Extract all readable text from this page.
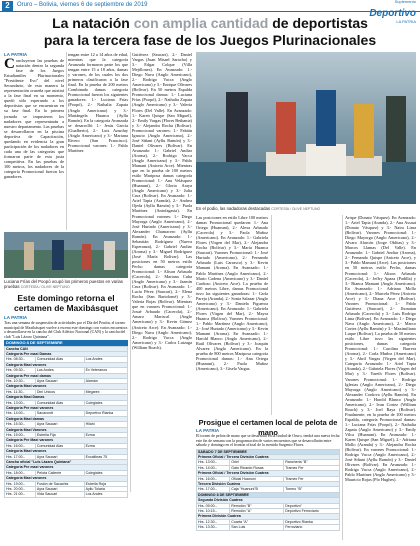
2	Oruro – Bolivia, viernes 6 de septiembre de 2019
Suplemento
Deportivo
LA PATRIA
La natación con amplia cantidad de deportistas
para la tercera fase de los Juegos Plurinacionales
LA PATRIA
C oncluyeron las pruebas de natación dentro la segunda fase de los Juegos Estudiantiles Plurinacionales "Presidente Evo" del nivel Secundario, de esta manera la representación orureña que asistirá a la fase final en su momento, quedó sólo esperando a los deportistas que se encuentran en su fase final. En la primera jornada se impusieron los nadadores que representarán a nuestro departamento. Las pruebas se desarrollaron en la piscina deportiva de Capacitación, quedando en evidencia la gran participación de los nadadores en cada una de las categorías que formaron parte de esta justa competitiva. En las pruebas de 100 metros, los nadadores de la categoría Promocional fueron los ganadores.
tengan entre 12 a 14 años de edad, mientras que la categoría Avanzada formaron parte los que tengan entre 15 a 18 años, damas y varones, de los cuales los dos primeros clasificaron a la fase final. En la prueba de 200 metros Combinado damas categoría Promocional fueron los siguientes ganadores: 1.- Luciana Frías (Poopó), 2.- Nathalia Zapata (Anglo Americano) y 3.- Mariángela Huanca (Ayllu Ramón). En la categoría Avanzada se desarrolló: 1.- Jesús García (Gualberto), 2.- Luis Azurduy (Anglo Americano) y 3.- Mariana Rivero (San Francisco). Promocional varones: 1.- Pablo Martínez
Gutiérrez (Saucari), 2.- Daniel Vargas (Juan Misael Saracho) y 3.- Edgar Colque (Villa Mejillones). En Avanzado: 1.- Diego Nava (Anglo Americano), 2.- Rodrigo Vacca (Anglo Americano) y 3.- Enrique Olivares (Bolívar). En 50 metros Espalda Promocional damas: 1.- Luciana Frías (Poopó), 2.- Nathalia Zapata (Anglo Americano) y 3.- Valeria Flores (Del Valle). En Avanzado: 1.- Karen Quispe (San Miguel), 2.- Emily Vargas (Flores Bethania) y 3.- Alejandra Rocha (Bolívar). Promocional varones: 1.- Fabián Ignacio (Anglo Americano), 2.- José Siñani (Ayllu Ramón) y 3.- Daniel Olivares (Bolívar). En Avanzado: 1.- Gabriel Andiar (Aroma), 2.- Rodrigo Vacca (Anglo Americano) y 3.- Pablo Mamani (Aniceto Arce). Mientras que en la prueba de 100 metros estilo Mariposa damas categoría Promocional: 1.- Ana Velásquez (Huanuni), 2.- Gloria Araya (Anglo Americano) y 3.- Julia Cruz (Bolívar). En Avanzado: 1.- Ariel Tapia (Aranda), 2.- Andrea Ojeda (Ayllu Ramón) y 3.- Paola Martínez (Antofagasta). En Promocional varones: 1.- Diego Mayorga (Anglo Americano), 2.- José Hurtado (Americano) y 3.- Alexander Chumacero (Ayllu Ramón). En Avanzado: 1.- Sebastián Rodríguez (Nueva Esperanza), 2.- Gabriel Andiar (Aroma) y 3.- Miguel Rodríguez (José María Bolívar). Las posiciones en 50 metros estilo Pecho damas categoría Promocional: 1.- Alison Arbaudo (Cacerola), 2.- Mariana Cuba (Anglo Americano) y 3.- Jazmín Cruz (Bolívar). En Avanzado: 1.- Lucía Pérez (Saucari), 2.- Elena Rocha (San Bartolomé) y 3.- Valeria Rojas (Bolívar). Mientras que en varones Promocional: 1.- Josué Arbaudo (Cacerola), 2.- Amaro Mariscal (Anglo Americano) y 3.- Kevin Gómez (Aniceto Arce). En Avanzado: 1.- Diego Nava (Anglo Americano), 2.- Rodrigo Vacca (Anglo Americano) y 3.- Carlos Luizaga (William Roach).
Luciana Frías del Poopó ocupó los primeros puestos en varias pruebas CORTESÍA / OLIVE NEPTUNO
Este domingo retorna el certamen de Maxibásquet
LA PATRIA
Tras una semana de suspensión de actividades por el Día del Peatón, el torneo municipal de Maxibásquet vuelve a escena este domingo con varios encuentros a desarrollarse en la cancha del Club Atlético Nacional (CAN) y la cancha del club "Luis Lázaro Quintana".
DOMINGO 8 DE SEPTIEMBRE
Cancha CAN		
Categoría Pre maxi Damas		
Hrs. 08:30.-	Comunidad Alas	Los Andes
Categoría Maxi varones		
Hrs. 09:30.-	Los Andes	Ex Veteranos
Categoría Pre maxi damas		
Hrs. 10:30.-	Ayra Saucari	Alamán
Categoría Maxi varones		
Hrs. 11:30.-	Dini Unicos	Megarex
Categoría Maxi Damas		
Hrs. 13:00.-	Comunidad Alas	Colegiales
Categoría Pre maxi varones		
Hrs. 14:00.-	Sacacontt	Deportivo Rianka
Categoría Maxi damas		
Hrs. 15:30.-	Ayra Saucari	Hilahi
Categoría Maxi Varones		
Hrs. 15:00.-	Estrella Fija	Ezma
Categoría Pre Maxi varones		
Hrs. 16:00.-	Comunidad Alas	Ezma
Categoría Maxi varones		
Hrs. 17:00.-	Ayra Saucari	Excalibras 75
Cancha oficial "Luis Lázaro Quintana"		
Categoría Pre maxi varones		
Hrs. 18:00.-	Pelota Caliente	Colegiales
Categoría Maxi varones		
Hrs. 19:00.-	Fusión de Sacachis	Estrella Roja
Hrs. 20:00.-	Ayra Saucari	Ayllu Tolaria
Hrs. 21:00.-	Vida Saucari	Los Andes
En el podio, las nadadoras destacadas CORTESÍA / OLIVE NEPTUNO
Las posiciones en estilo Libre 100 metros damas Promocional quedaron: 1.- Ana Ortega (Huanuni), 2.- Alexa Arbaudo (Cacerola) y 3.- Paola Muñoz (Americano). En Avanzado: 1.- Gabriela Flores (Virgen del Mar), 2.- Alejandra Rocha (Bolívar) y 3.- María Huanca (Saucari). Varones Promocional: 1.- José Hurtado (Americano), 2.- Fernando Arbaudo (Luis Carrasco) y 3.- Kevin Mamani (Aroma). En Avanzado: 1.- Pablo Martínez (Anglo Americano), 2.- Mario Cadena (Americano) y 3.- Daniel Cardozo (Aniceto Arce). La prueba de 400 metros Libre, damas Promocional tuvo las siguientes ganadoras: 1.- Carla Pareja (Aranda), 2.- Sonia Salazar (Anglo Americano) y 3.- Daniela Figueroa (Americano). En Avanzado: 1.- Gabriela Flores (Virgen del Mar), 2.- Mayra Huanca (Bolívar). Varones Promocional: 1.- Pablo Martínez (Anglo Americano), 2.- José Hurtado (Americano) y 3.- Kevin Mamani (Aroma). En Avanzado: 1.- Harold Blanco (Anglo Americano), 2.- Raúl Olivares (Bolívar) y 3.- Joaquín Alvarez (Anglo Americano). En la prueba de 800 metros Mariposa categoría Promocional damas: 1.- Ana Ortega (Huanuni), 2.- Paola Muñoz (Americano), 3.- Gisela Vargas.
Arispe (Donato Vásquez). En Avanzado: 1.- Ariel Tapia (Aranda), 2.- Ana Assaut (Donato Vásquez) y 3.- Naira Lima (Bolívar). Varones Promocional: 1.- Diego Mayorga (Anglo Americano), 2.- Alvaro Alarcón (Jorge Oblitas) y 3.- Marcos Llamas (Del Valle). En Avanzado: 1.- Gabriel Andiar (Aroma), 2.- Fernando Quispe (Aniceto Arce), y 3.- Pablo Mamani (Arce). Las posiciones en 50 metros estilo Pecho, damas Promocional: 1.- Alison Arbaudo (Cacerola), 2.- Jeffry Apaza (Padilla) y 3.- Bianca Mamani (Anglo Americano). En Avanzado: 1.- Adriana Mollo (Americano), 2.- Marcela Pérez (Aniceto Arce) y 3.- Diana Arce (Bolívar). Varones Promocional: 1.- Pablo Gutiérrez (Saucari), 2.- Jhonatan Arbaudo (Cacerola) y 3.- Luis Rodrigo Lima (Bolívar). En Avanzado: 1.- Diego Nava (Anglo Americano), 2.- Marco Cortez (Ayllu Ramón) y 3.- Maximiliano Luque (Bolívar). La prueba de 50 metros estilo Libre tuvo las siguientes posiciones, damas categoría Promocional: 1.- Carolina Barrera (Aroma), 2.- Carla Muñoz (Americano) y 3.- Abril Vargas (Virgen del Mar). Categoría Avanzado: 1.- Ariel Tapia (Aranda), 2.- Gabriela Flores (Virgen del Mar) y 3.- Yareth Flores (Bolívar). Varones Promocional: 1.- Rodrigo Iglesias (Anglo Americano), 2.- Diego Mayorga (Anglo Americano) y 3.- Alexander Cordova (Ayllu Ramón). En Avanzado: 1.- Harold Blanco (Anglo Americano), 2.- Ivan Cortez (William Roach) y 3.- Joel Raya (Bolívar). Finalmente, en la prueba de 100 metros Espalda, categoría Promocional damas: 1.- Luciana Frías (Poopó), 2.- Nathalia Zapata (Anglo Americano) y 3.- Emily Vilca (Huanuni). En Avanzado: 1.- Karen Quispe (San Miguel), 2.- Adriana Mollo (Aranda) y 3.- Alejandra Rocha (Bolívar). En varones Promocional: 1.- Rodrigo Vacca (Anglo Americano), 2.- José Siñani (Ayllu Ramón) y 3.- Daniel Olivares (Bolívar). En Avanzado: 1.- Rodrigo Vacca (Anglo Americano), 2.- Pablo Martínez (Anglo Americano) y 3.- Mauricio Rojas (Pío Hughes).
Prosigue el certamen local de pelota de mano
LA PATRIA
El torneo de pelota de mano que se desarrolla en la ciudad de Oruro, tendrá una nueva fecha este fin de semana con la programación de varios encuentros que se desarrollarán entre sábado y domingo en el frontón oficial de la avenida Sargento Flores.
SÁBADO 7 DE SEPTIEMBRE		
Primera Oficial / Tercera División Cuatrea		
Hrs. 13:00.-	Oriel	Rancheria "B"
Hrs. 14:00.-	Gato Ricardo Rosas	Tramex Fer
Primera Oficial / Tercera División Cuatrea		
Hrs. 16:00.-	Oficial Huanuni	Tramex Fer
Tercera División Cuatrea		
Hrs. 17:00.-	Caja "Huanuni"B	Torneo "B"
DOMINGO 8 DE SEPTIEMBRE		
Segunda División Cuatrea		
Hrs. 09:00.-	Remolón "B"	Deportivo"
Hrs. 10:15.-	Remolón "A"	Deportivo Ferroviario
Primera División Cuatrea		
Hrs. 12:30.-	Cuarta "A"	Deportivo Rianka
Hrs. 13:30.-	San Luis	Ferroviario
